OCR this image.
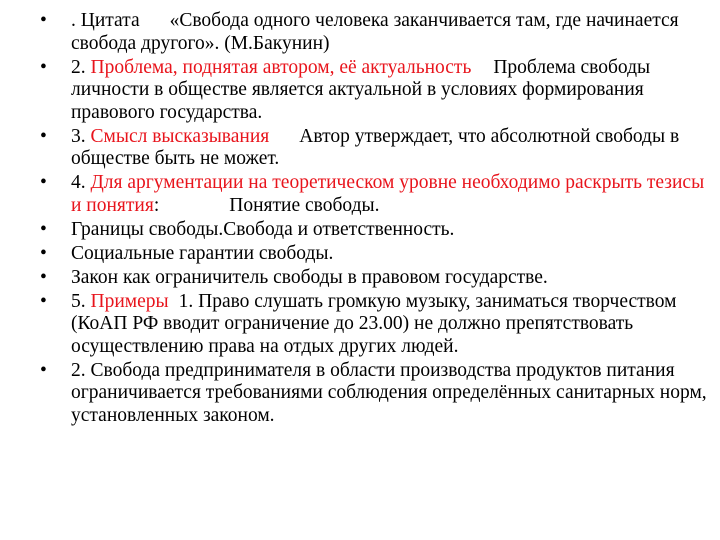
• . Цитата «Свобода одного человека заканчивается там, где начинается свобода другого». (М.Бакунин)
• 2. Проблема, поднятая автором, её актуальность Проблема свободы личности в обществе является актуальной в условиях формирования правового государства.
• 3. Смысл высказывания Автор утверждает, что абсолютной свободы в обществе быть не может.
• 4. Для аргументации на теоретическом уровне необходимо раскрыть тезисы и понятия:	Понятие свободы.
• Границы свободы.Свобода и ответственность.
• Социальные гарантии свободы.
• Закон как ограничитель свободы в правовом государстве.
• 5. Примеры 1. Право слушать громкую музыку, заниматься творчеством (КоАП РФ вводит ограничение до 23.00) не должно препятствовать осуществлению права на отдых других людей.
• 2. Свобода предпринимателя в области производства продуктов питания ограничивается требованиями соблюдения определённых санитарных норм, установленных законом.
